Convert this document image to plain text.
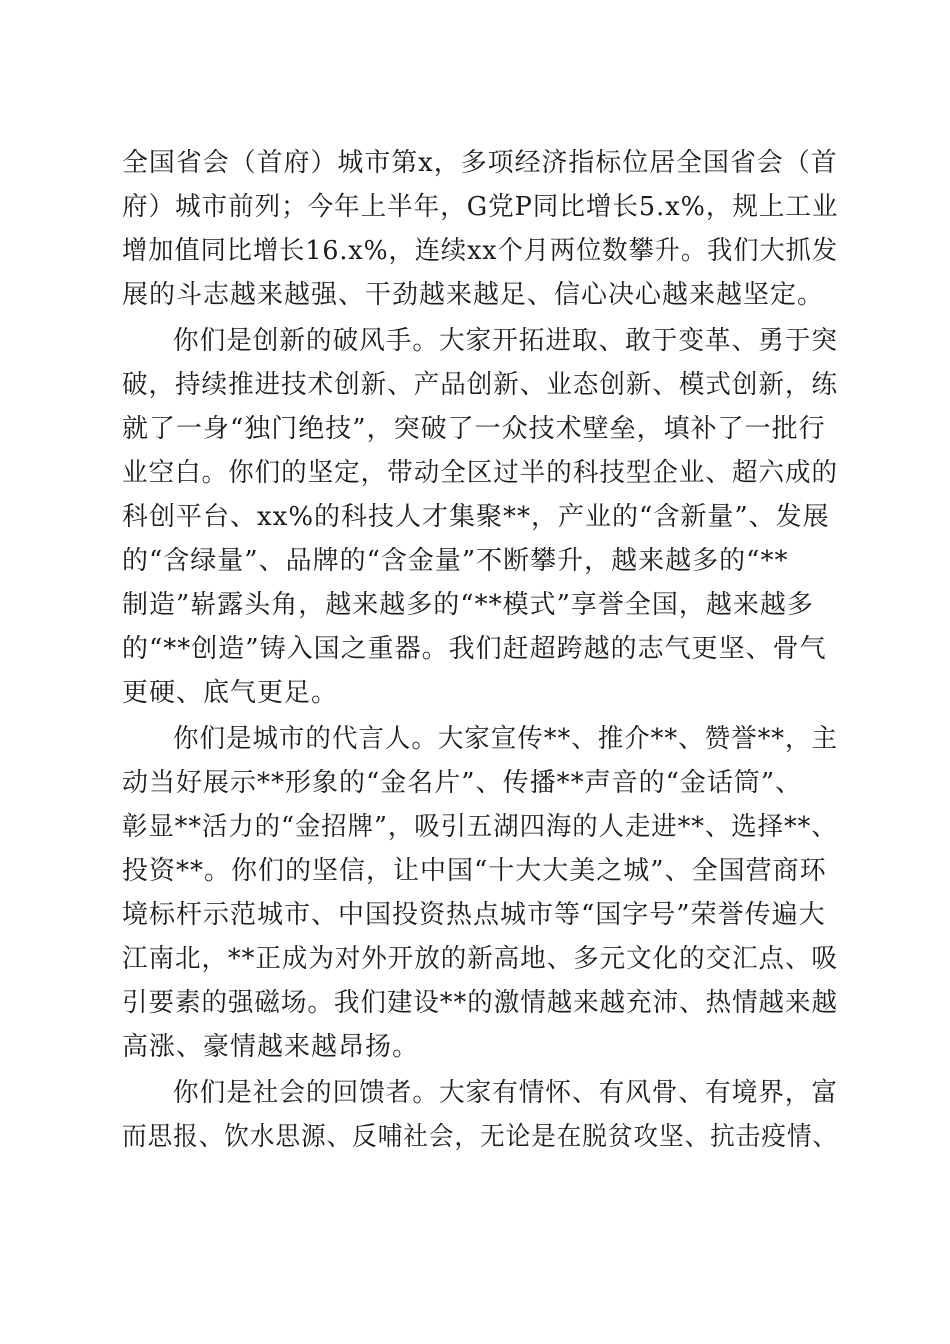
全国省会（首府）城市第x，多项经济指标位居全国省会（首
府）城市前列；今年上半年，G党P同比增长5.x%，规上工业
增加值同比增长16.x%，连续xx个月两位数攀升。我们大抓发
展的斗志越来越强、干劲越来越足、信心决心越来越坚定。
你们是创新的破风手。大家开拓进取、敢于变革、勇于突
破，持续推进技术创新、产品创新、业态创新、模式创新，练
就了一身“独门绝技”，突破了一众技术壁垒，填补了一批行
业空白。你们的坚定，带动全区过半的科技型企业、超六成的
科创平台、xx%的科技人才集聚**，产业的“含新量”、发展
的“含绿量”、品牌的“含金量”不断攀升，越来越多的“**
制造”崭露头角，越来越多的“**模式”享誉全国，越来越多
的“**创造”铸入国之重器。我们赶超跨越的志气更坚、骨气
更硬、底气更足。
你们是城市的代言人。大家宣传**、推介**、赞誉**，主
动当好展示**形象的“金名片”、传播**声音的“金话筒”、
彰显**活力的“金招牌”，吸引五湖四海的人走进**、选择**、
投资**。你们的坚信，让中国“十大大美之城”、全国营商环
境标杆示范城市、中国投资热点城市等“国字号”荣誉传遍大
江南北，**正成为对外开放的新高地、多元文化的交汇点、吸
引要素的强磁场。我们建设**的激情越来越充沛、热情越来越
高涨、豪情越来越昂扬。
你们是社会的回馈者。大家有情怀、有风骨、有境界，富
而思报、饮水思源、反哺社会，无论是在脱贫攻坚、抗击疫情、
